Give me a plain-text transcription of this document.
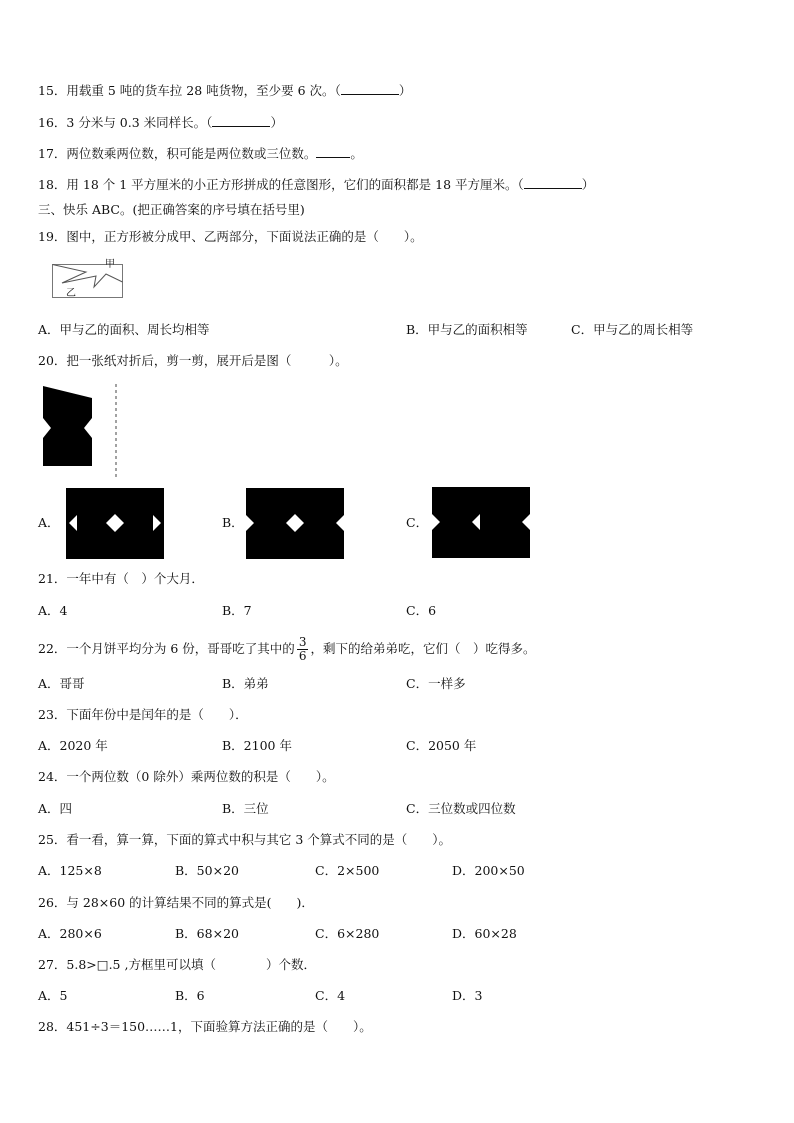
15．用载重 5 吨的货车拉 28 吨货物，至少要 6 次。（	）
16．3 分米与 0.3 米同样长。（	）
17．两位数乘两位数，积可能是两位数或三位数。	。
18．用 18 个 1 平方厘米的小正方形拼成的任意图形，它们的面积都是 18 平方厘米。（	）
三、快乐 ABC。(把正确答案的序号填在括号里)
19．图中，正方形被分成甲、乙两部分，下面说法正确的是（　　）。
甲
乙
A．甲与乙的面积、周长均相等	B．甲与乙的面积相等	C．甲与乙的周长相等
20．把一张纸对折后，剪一剪，展开后是图（　　　）。
A．	B．	C．
21．一年中有（　）个大月．
A．4	B．7	C．6
22．一个月饼平均分为 6 份，哥哥吃了其中的 $\frac{3}{6}$ ，剩下的给弟弟吃，它们（　）吃得多。
A．哥哥	B．弟弟	C．一样多
23．下面年份中是闰年的是（　　）．
A．2020 年	B．2100 年	C．2050 年
24．一个两位数（0 除外）乘两位数的积是（　　）。
A．四	B．三位	C．三位数或四位数
25．看一看，算一算，下面的算式中积与其它 3 个算式不同的是（　　）。
A．125×8	B．50×20	C．2×500	D．200×50
26．与 28×60 的计算结果不同的算式是(　　)．
A．280×6	B．68×20	C．6×280	D．60×28
27．5.8>□.5 ,方框里可以填（　　　　）个数．
A．5	B．6	C．4	D．3
28．451÷3＝150……1，下面验算方法正确的是（　　）。
